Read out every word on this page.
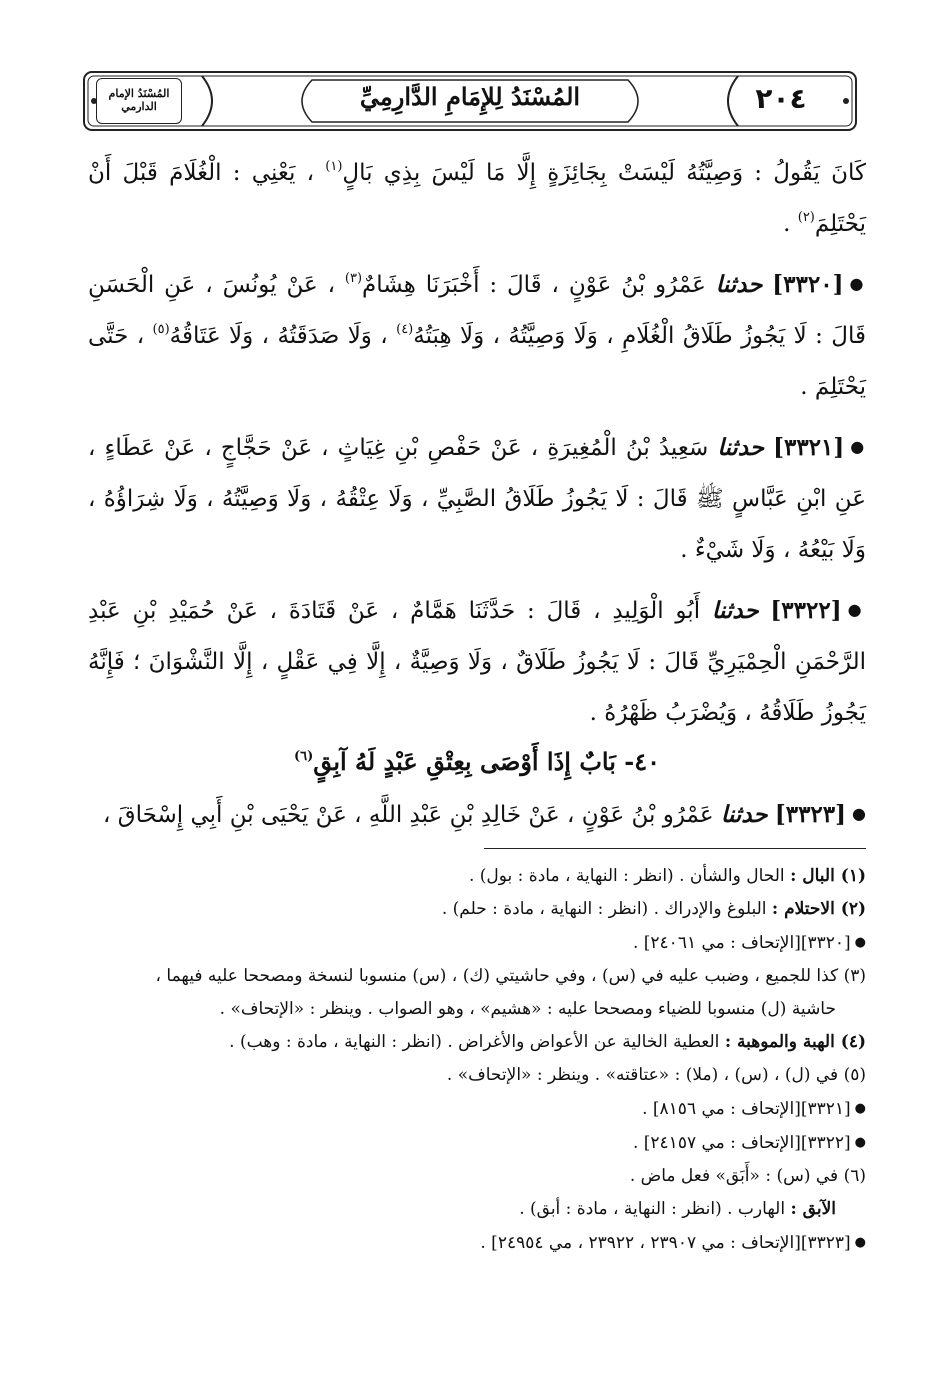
٢٠٤
المُسْنَدُ لِلإِمَامِ الدَّارِمِيِّ
المُسْنَدُ الإمام الدارمي

كَانَ يَقُولُ : وَصِيَّتُهُ لَيْسَتْ بِجَائِزَةٍ إِلَّا مَا لَيْسَ بِذِي بَالٍ$^{(١)}$ ، يَعْنِي : الْغُلَامَ قَبْلَ أَنْ يَحْتَلِمَ$^{(٢)}$ .

●[٣٣٢٠] حدثنا عَمْرُو بْنُ عَوْنٍ ، قَالَ : أَخْبَرَنَا هِشَامٌ$^{(٣)}$ ، عَنْ يُونُسَ ، عَنِ الْحَسَنِ قَالَ : لَا يَجُوزُ طَلَاقُ الْغُلَامِ ، وَلَا وَصِيَّتُهُ ، وَلَا هِبَتُهُ$^{(٤)}$ ، وَلَا صَدَقَتُهُ ، وَلَا عَتَاقُهُ$^{(٥)}$ ، حَتَّى يَحْتَلِمَ .

●[٣٣٢١] حدثنا سَعِيدُ بْنُ الْمُغِيرَةِ ، عَنْ حَفْصِ بْنِ غِيَاثٍ ، عَنْ حَجَّاجٍ ، عَنْ عَطَاءٍ ، عَنِ ابْنِ عَبَّاسٍ ﷺ قَالَ : لَا يَجُوزُ طَلَاقُ الصَّبِيِّ ، وَلَا عِتْقُهُ ، وَلَا وَصِيَّتُهُ ، وَلَا شِرَاؤُهُ ، وَلَا بَيْعُهُ ، وَلَا شَيْءٌ .

●[٣٣٢٢] حدثنا أَبُو الْوَلِيدِ ، قَالَ : حَدَّثَنَا هَمَّامٌ ، عَنْ قَتَادَةَ ، عَنْ حُمَيْدِ بْنِ عَبْدِ الرَّحْمَنِ الْحِمْيَرِيِّ قَالَ : لَا يَجُوزُ طَلَاقٌ ، وَلَا وَصِيَّةٌ ، إِلَّا فِي عَقْلٍ ، إِلَّا النَّشْوَانَ ؛ فَإِنَّهُ يَجُوزُ طَلَاقُهُ ، وَيُضْرَبُ ظَهْرُهُ .

٤٠- بَابٌ إِذَا أَوْصَى بِعِتْقِ عَبْدٍ لَهُ آبِقٍ$^{(٦)}$

●[٣٣٢٣] حدثنا عَمْرُو بْنُ عَوْنٍ ، عَنْ خَالِدِ بْنِ عَبْدِ اللَّهِ ، عَنْ يَحْيَى بْنِ أَبِي إِسْحَاقَ ،

(١) البال : الحال والشأن . (انظر : النهاية ، مادة : بول) .
(٢) الاحتلام : البلوغ والإدراك . (انظر : النهاية ، مادة : حلم) .
●[٣٣٢٠][الإتحاف : مي ٢٤٠٦١] .
(٣) كذا للجميع ، وضبب عليه في (س) ، وفي حاشيتي (ك) ، (س) منسوبا لنسخة ومصححا عليه فيهما ،
حاشية (ل) منسوبا للضياء ومصححا عليه : «هشيم» ، وهو الصواب . وينظر : «الإتحاف» .
(٤) الهبة والموهبة : العطية الخالية عن الأعواض والأغراض . (انظر : النهاية ، مادة : وهب) .
(٥) في (ل) ، (س) ، (ملا) : «عتاقته» . وينظر : «الإتحاف» .
●[٣٣٢١][الإتحاف : مي ٨١٥٦] .
●[٣٣٢٢][الإتحاف : مي ٢٤١٥٧] .
(٦) في (س) : «أَبَق» فعل ماض .
الآبق : الهارب . (انظر : النهاية ، مادة : أبق) .
●[٣٣٢٣][الإتحاف : مي ٢٣٩٠٧ ، ٢٣٩٢٢ ، مي ٢٤٩٥٤] .
